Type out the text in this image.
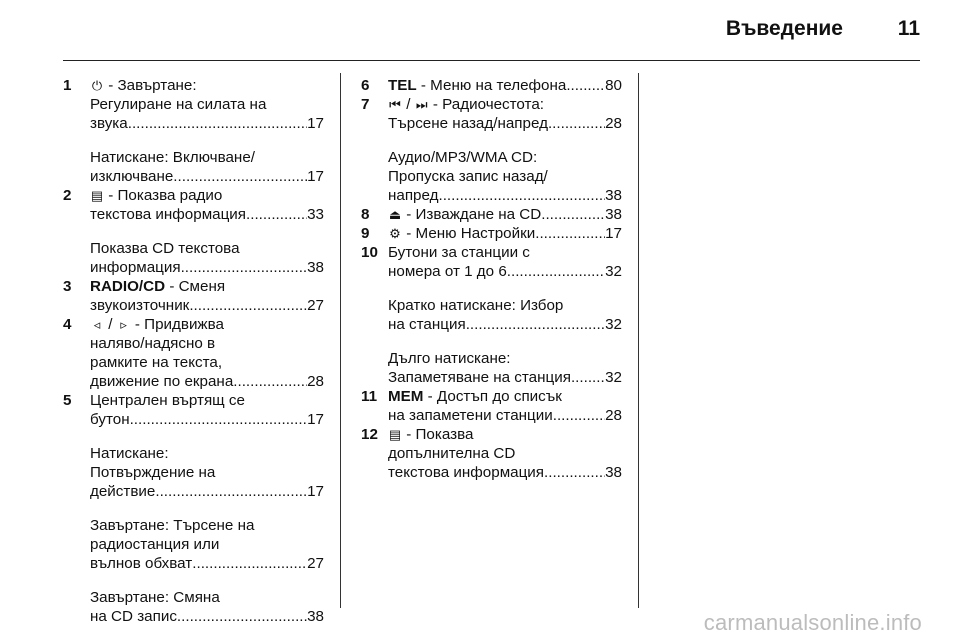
Въведение	11
1	⏻ - Завъртане:
Регулиране на силата на
звука .....	17
Натискане: Включване/
изключване .....	17
2	▤ - Показва радио
текстова информация .....	33
Показва CD текстова
информация .....	38
3	RADIO/CD - Сменя
звукоизточник .....	27
4	◃ / ▹ - Придвижва
наляво/надясно в
рамките на текста,
движение по екрана .....	28
5	Централен въртящ се
бутон .....	17
Натискане:
Потвърждение на
действие .....	17
Завъртане: Търсене на
радиостанция или
вълнов обхват .....	27
Завъртане: Смяна
на CD запис .....	38
6	TEL - Меню на телефона .....	80
7	⏮ / ⏭ - Радиочестота:
Търсене назад/напред .....	28
Аудио/MP3/WMA CD:
Пропуска запис назад/
напред .....	38
8	⏏ - Изваждане на CD .....	38
9	⚙ - Меню Настройки .....	17
10 Бутони за станции с
номера от 1 до 6 .....	32
Кратко натискане: Избор
на станция .....	32
Дълго натискане:
Запаметяване на станция ..... 32
11 MEM - Достъп до списък
на запаметени станции .....	28
12 ▤ - Показва
допълнителна CD
текстова информация .....	38
carmanualsonline.info
